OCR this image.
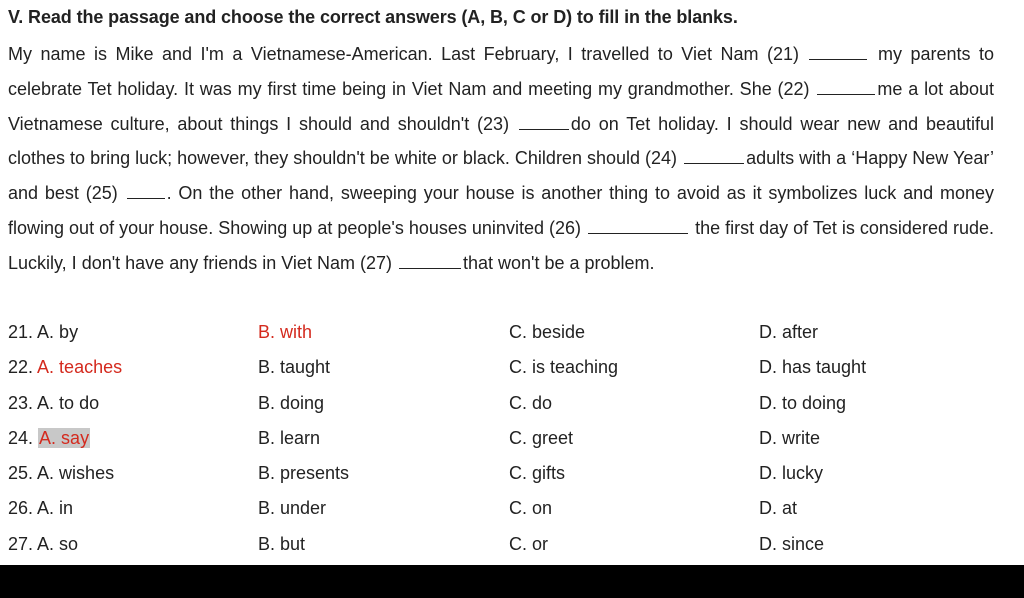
V. Read the passage and choose the correct answers (A, B, C or D) to fill in the blanks.

My name is Mike and I'm a Vietnamese-American. Last February, I travelled to Viet Nam (21)	my parents to celebrate Tet holiday. It was my first time being in Viet Nam and meeting my grandmother. She (22)	me a lot about Vietnamese culture, about things I should and shouldn't (23)	do on Tet holiday. I should wear new and beautiful clothes to bring luck; however, they shouldn't be white or black. Children should (24)	adults with a ‘Happy New Year’ and best (25)	. On the other hand, sweeping your house is another thing to avoid as it symbolizes luck and money flowing out of your house. Showing up at people's houses uninvited (26)	the first day of Tet is considered rude. Luckily, I don't have any friends in Viet Nam (27)	that won't be a problem.

21. A. by	B. with	C. beside	D. after
22. A. teaches	B. taught	C. is teaching	D. has taught
23. A. to do	B. doing	C. do	D. to doing
24. A. say	B. learn	C. greet	D. write
25. A. wishes	B. presents	C. gifts	D. lucky
26. A. in	B. under	C. on	D. at
27. A. so	B. but	C. or	D. since
